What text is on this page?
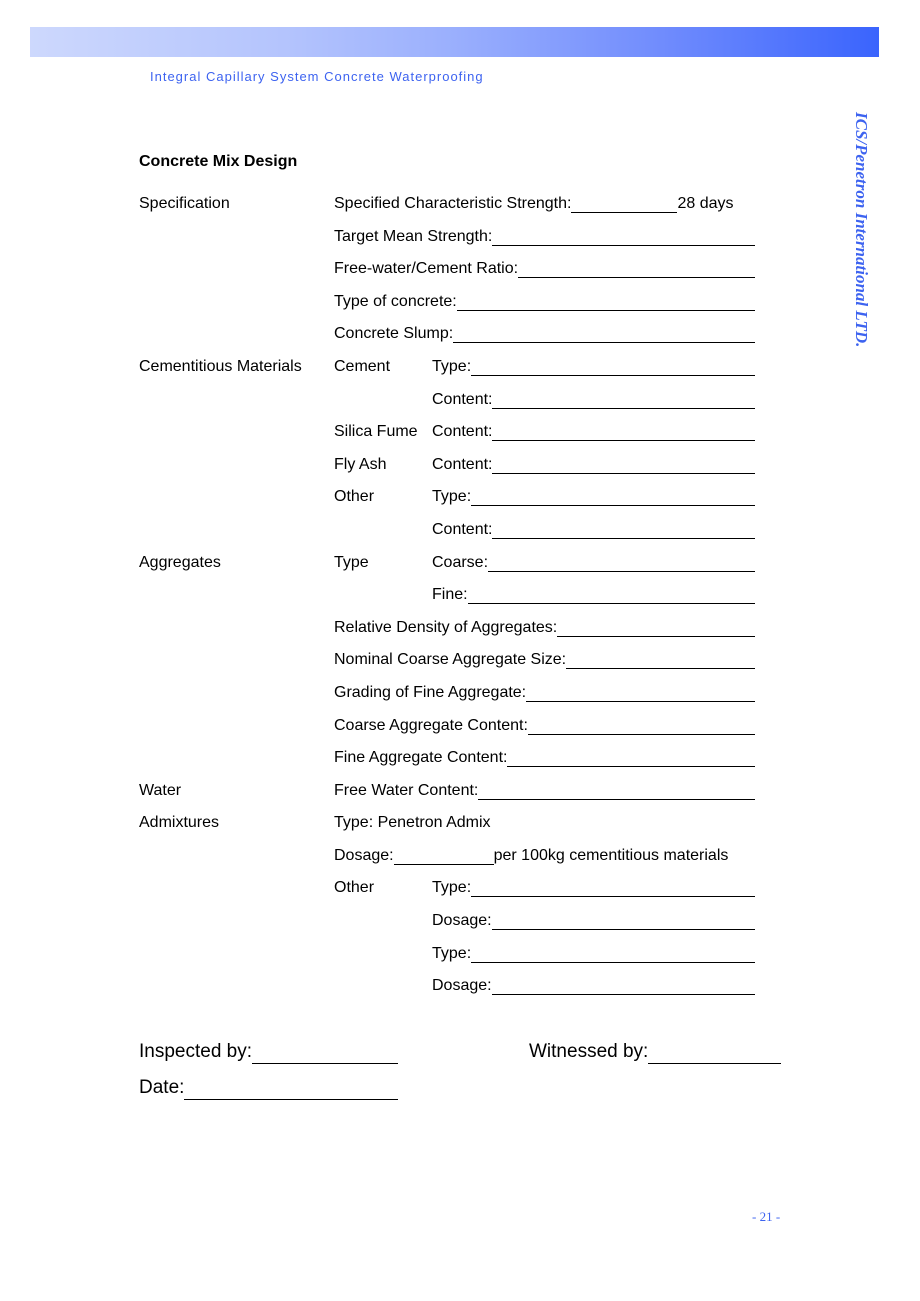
Integral Capillary System Concrete Waterproofing
ICS/Penetron International LTD.
Concrete Mix Design
Specification	Specified Characteristic Strength:	28 days
Target Mean Strength:
Free-water/Cement Ratio:
Type of concrete:
Concrete Slump:
Cementitious Materials	Cement	Type:
Content:
Silica Fume Content:
Fly Ash	Content:
Other	Type:
Content:
Aggregates	Type	Coarse:
Fine:
Relative Density of Aggregates:
Nominal Coarse Aggregate Size:
Grading of Fine Aggregate:
Coarse Aggregate Content:
Fine Aggregate Content:
Water	Free Water Content:
Admixtures	Type: Penetron Admix
Dosage:	per 100kg cementitious materials
Other	Type:
Dosage:
Type:
Dosage:
Inspected by:	Witnessed by:
Date:
- 21 -
